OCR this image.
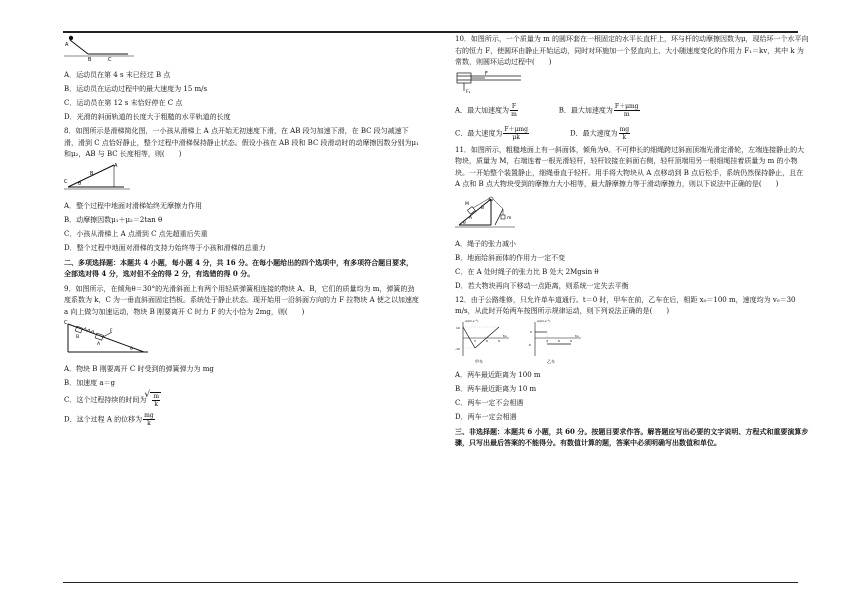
A
B	C

A．运动员在第 4 s 末已经过 B 点

B．运动员在运动过程中的最大速度为 15 m/s

C．运动员在第 12 s 末恰好停在 C 点

D．光滑的斜面轨道的长度大于粗糙的水平轨道的长度

8．如图所示是滑梯简化图，一小孩从滑梯上 A 点开始无初速度下滑，在 AB 段匀加速下滑，在 BC 段匀减速下滑，滑到 C 点恰好静止，整个过程中滑梯保持静止状态。假设小孩在 AB 段和 BC 段滑动时的动摩擦因数分别为μ₁ 和μ₂，AB 与 BC 长度相等，则(　　)

A
B
C θ

A．整个过程中地面对滑梯始终无摩擦力作用

B．动摩擦因数μ₁＋μ₂＝2tan θ

C．小孩从滑梯上 A 点滑到 C 点先超重后失重

D．整个过程中地面对滑梯的支持力始终等于小孩和滑梯的总重力

二、多项选择题：本题共 4 小题，每小题 4 分，共 16 分。在每小题给出的四个选项中，有多项符合题目要求，全部选对得 4 分，选对但不全的得 2 分，有选错的得 0 分。

9．如图所示，在倾角θ＝30°的光滑斜面上有两个用轻质弹簧相连接的物块 A、B，它们的质量均为 m，弹簧的劲度系数为 k，C 为一垂直斜面固定挡板。系统处于静止状态。现开始用一沿斜面方向的力 F 拉物块 A 使之以加速度 a 向上做匀加速运动，物块 B 刚要离开 C 时力 F 的大小恰为 2mg，则(　　)

C
B
A
F
θ

A．物块 B 刚要离开 C 时受到的弹簧弹力为 mg

B．加速度 a＝g

C．这个过程持续的时间为
√ $\frac{m}{k}$

D．这个过程 A 的位移为 $\frac{mg}{k}$

10．如图所示，一个质量为 m 的圆环套在一根固定的水平长直杆上，环与杆的动摩擦因数为μ，现给环一个水平向右的恒力 F，使圆环由静止开始运动，同时对环施加一个竖直向上、大小随速度变化的作用力 F₁＝kv，其中 k 为常数，则圆环运动过程中(　　)

F
F₁

A．最大加速度为 $\frac{F}{m}$	B．最大加速度为 $\frac{\text{F＋μmg}}{m}$

C．最大速度为 $\frac{\text{F＋μmg}}{\mu k}$	D．最大速度为 $\frac{mg}{k}$

11．如图所示，粗糙地面上有一斜面体，倾角为θ。不可伸长的细绳跨过斜面顶端光滑定滑轮，左端连接静止的大物块，质量为 M，右端连着一根光滑轻杆，轻杆铰接在斜面右侧，轻杆顶端用另一根细绳挂着质量为 m 的小物块。一开始整个装置静止，细绳垂直于轻杆。用手将大物块从 A 点移动到 B 点后松手，系统仍然保持静止，且在 A 点和 B 点大物块受到的摩擦力大小相等，最大静摩擦力等于滑动摩擦力，则以下说法中正确的是(　　)

M
A
B
m
θ

A．绳子的张力减小

B．地面给斜面体的作用力一定不变

C．在 A 处时绳子的张力比 B 处大 2Mgsin θ

D．若大物块再向下移动一点距离，则系统一定失去平衡

12．由于公路维修，只允许单车道通行。t＝0 时，甲车在前，乙车在后，相距 x₀＝100 m，速度均为 v₀＝30 m/s，从此时开始两车按图所示规律运动，则下列说法正确的是(　　)

a/(m·s⁻²)
10
-10
3	6	9
t/s
甲车
a/(m·s⁻²)
5
-5
3	6	9
t/s
乙车

A．两车最近距离为 100 m

B．两车最近距离为 10 m

C．两车一定不会相遇

D．两车一定会相遇

三、非选择题：本题共 6 小题，共 60 分。按题目要求作答。解答题应写出必要的文字说明、方程式和重要演算步骤，只写出最后答案的不能得分。有数值计算的题，答案中必须明确写出数值和单位。
